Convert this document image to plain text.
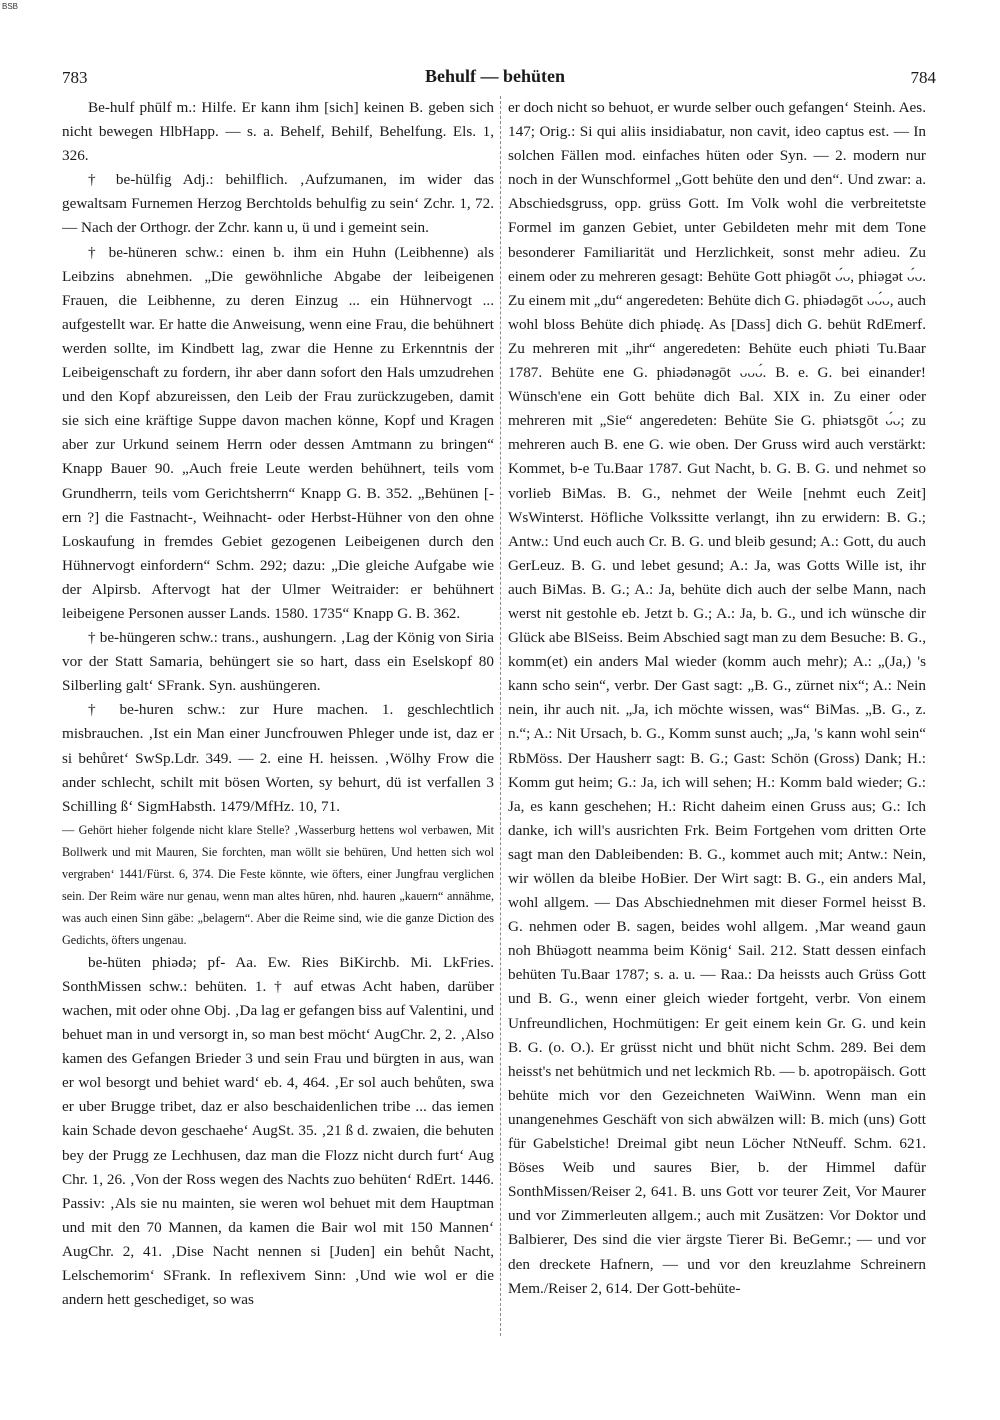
BSB
783	Behulf — behüten	784

Be-hulf phūlf m.: Hilfe. Er kann ihm [sich] keinen B. geben sich nicht bewegen HlbHapp. — s. a. Behelf, Behilf, Behelfung. Els. 1, 326.

† be-hülfig Adj.: behilflich. ‚Aufzumanen, im wider das gewaltsam Furnemen Herzog Berchtolds behulfig zu sein‘ Zchr. 1, 72. — Nach der Orthogr. der Zchr. kann u, ü und i gemeint sein.

† be-hüneren schw.: einen b. ihm ein Huhn (Leibhenne) als Leibzins abnehmen. „Die gewöhnliche Abgabe der leibeigenen Frauen, die Leibhenne, zu deren Einzug ... ein Hühnervogt ... aufgestellt war. Er hatte die Anweisung, wenn eine Frau, die behühnert werden sollte, im Kindbett lag, zwar die Henne zu Erkenntnis der Leibeigenschaft zu fordern, ihr aber dann sofort den Hals umzudrehen und den Kopf abzureissen, den Leib der Frau zurückzugeben, damit sie sich eine kräftige Suppe davon machen könne, Kopf und Kragen aber zur Urkund seinem Herrn oder dessen Amtmann zu bringen“ Knapp Bauer 90. „Auch freie Leute werden behühnert, teils vom Grundherrn, teils vom Gerichtsherrn“ Knapp G. B. 352. „Behünen [-ern ?] die Fastnacht-, Weihnacht- oder Herbst-Hühner von den ohne Loskaufung in fremdes Gebiet gezogenen Leibeigenen durch den Hühnervogt einfordern“ Schm. 292; dazu: „Die gleiche Aufgabe wie der Alpirsb. Aftervogt hat der Ulmer Weitraider: er behühnert leibeigene Personen ausser Lands. 1580. 1735“ Knapp G. B. 362.

† be-hüngeren schw.: trans., aushungern. ‚Lag der König von Siria vor der Statt Samaria, behüngert sie so hart, dass ein Eselskopf 80 Silberling galt‘ SFrank. Syn. aushüngeren.

† be-huren schw.: zur Hure machen. 1. geschlechtlich misbrauchen. ‚Ist ein Man einer Juncfrouwen Phleger unde ist, daz er si behůret‘ SwSp.Ldr. 349. — 2. eine H. heissen. ‚Wölhy Frow die ander schlecht, schilt mit bösen Worten, sy behurt, dü ist verfallen 3 Schilling ß‘ SigmHabsth. 1479/MfHz. 10, 71.

— Gehört hieher folgende nicht klare Stelle? ‚Wasserburg hettens wol verbawen, Mit Bollwerk und mit Mauren, Sie forchten, man wöllt sie behüren, Und hetten sich wol vergraben‘ 1441/Fürst. 6, 374. Die Feste könnte, wie öfters, einer Jungfrau verglichen sein. Der Reim wäre nur genau, wenn man altes hūren, nhd. hauren „kauern“ annähme, was auch einen Sinn gäbe: „belagern“. Aber die Reime sind, wie die ganze Diction des Gedichts, öfters ungenau.

be-hüten phiədə; pf- Aa. Ew. Ries BiKirchb. Mi. LkFries. SonthMissen schw.: behüten. 1. † auf etwas Acht haben, darüber wachen, mit oder ohne Obj. ‚Da lag er gefangen biss auf Valentini, und behuet man in und versorgt in, so man best möcht‘ AugChr. 2, 2. ‚Also kamen des Gefangen Brieder 3 und sein Frau und bürgten in aus, wan er wol besorgt und behiet ward‘ eb. 4, 464. ‚Er sol auch behůten, swa er uber Brugge tribet, daz er also beschaidenlichen tribe ... das iemen kain Schade devon geschaehe‘ AugSt. 35. ‚21 ß d. zwaien, die behuten bey der Prugg ze Lechhusen, daz man die Flozz nicht durch furt‘ Aug Chr. 1, 26. ‚Von der Ross wegen des Nachts zuo behüten‘ RdErt. 1446. Passiv: ‚Als sie nu mainten, sie weren wol behuet mit dem Hauptman und mit den 70 Mannen, da kamen die Bair wol mit 150 Mannen‘ AugChr. 2, 41. ‚Dise Nacht nennen si [Juden] ein behůt Nacht, Lelschemorim‘ SFrank. In reflexivem Sinn: ‚Und wie wol er die andern hett geschediget, so was

er doch nicht so behuot, er wurde selber ouch gefangen‘ Steinh. Aes. 147; Orig.: Si qui aliis insidiabatur, non cavit, ideo captus est. — In solchen Fällen mod. einfaches hüten oder Syn. — 2. modern nur noch in der Wunschformel „Gott behüte den und den“. Und zwar: a. Abschiedsgruss, opp. grüss Gott. Im Volk wohl die verbreitetste Formel im ganzen Gebiet, unter Gebildeten mehr mit dem Tone besonderer Familiarität und Herzlichkeit, sonst mehr adieu. Zu einem oder zu mehreren gesagt: Behüte Gott phiəgōt ᴗ́ᴗ, phiəgət ᴗ́ᴗ. Zu einem mit „du“ angeredeten: Behüte dich G. phiədəgōt ᴗᴗ́ᴗ, auch wohl bloss Behüte dich phiədę. As [Dass] dich G. behüt RdEmerf. Zu mehreren mit „ihr“ angeredeten: Behüte euch phiəti Tu.Baar 1787. Behüte ene G. phiədənəgōt ᴗᴗᴗ́. B. e. G. bei einander! Wünsch'ene ein Gott behüte dich Bal. XIX in. Zu einer oder mehreren mit „Sie“ angeredeten: Behüte Sie G. phiətsgōt ᴗ́ᴗ; zu mehreren auch B. ene G. wie oben. Der Gruss wird auch verstärkt: Kommet, b-e Tu.Baar 1787. Gut Nacht, b. G. B. G. und nehmet so vorlieb BiMas. B. G., nehmet der Weile [nehmt euch Zeit] WsWinterst. Höfliche Volkssitte verlangt, ihn zu erwidern: B. G.; Antw.: Und euch auch Cr. B. G. und bleib gesund; A.: Gott, du auch GerLeuz. B. G. und lebet gesund; A.: Ja, was Gotts Wille ist, ihr auch BiMas. B. G.; A.: Ja, behüte dich auch der selbe Mann, nach werst nit gestohle eb. Jetzt b. G.; A.: Ja, b. G., und ich wünsche dir Glück abe BlSeiss. Beim Abschied sagt man zu dem Besuche: B. G., komm(et) ein anders Mal wieder (komm auch mehr); A.: „(Ja,) 's kann scho sein“, verbr. Der Gast sagt: „B. G., zürnet nix“; A.: Nein nein, ihr auch nit. „Ja, ich möchte wissen, was“ BiMas. „B. G., z. n.“; A.: Nit Ursach, b. G., Komm sunst auch; „Ja, 's kann wohl sein“ RbMöss. Der Hausherr sagt: B. G.; Gast: Schön (Gross) Dank; H.: Komm gut heim; G.: Ja, ich will sehen; H.: Komm bald wieder; G.: Ja, es kann geschehen; H.: Richt daheim einen Gruss aus; G.: Ich danke, ich will's ausrichten Frk. Beim Fortgehen vom dritten Orte sagt man den Dableibenden: B. G., kommet auch mit; Antw.: Nein, wir wöllen da bleibe HoBier. Der Wirt sagt: B. G., ein anders Mal, wohl allgem. — Das Abschiednehmen mit dieser Formel heisst B. G. nehmen oder B. sagen, beides wohl allgem. ‚Mar weand gaun noh Bhüəgott neamma beim König‘ Sail. 212. Statt dessen einfach behüten Tu.Baar 1787; s. a. u. — Raa.: Da heissts auch Grüss Gott und B. G., wenn einer gleich wieder fortgeht, verbr. Von einem Unfreundlichen, Hochmütigen: Er geit einem kein Gr. G. und kein B. G. (o. O.). Er grüsst nicht und bhüt nicht Schm. 289. Bei dem heisst's net behütmich und net leckmich Rb. — b. apotropäisch. Gott behüte mich vor den Gezeichneten WaiWinn. Wenn man ein unangenehmes Geschäft von sich abwälzen will: B. mich (uns) Gott für Gabelstiche! Dreimal gibt neun Löcher NtNeuff. Schm. 621. Böses Weib und saures Bier, b. der Himmel dafür SonthMissen/Reiser 2, 641. B. uns Gott vor teurer Zeit, Vor Maurer und vor Zimmerleuten allgem.; auch mit Zusätzen: Vor Doktor und Balbierer, Des sind die vier ärgste Tierer Bi. BeGemr.; — und vor den dreckete Hafnern, — und vor den kreuzlahme Schreinern Mem./Reiser 2, 614. Der Gott-behüte-
